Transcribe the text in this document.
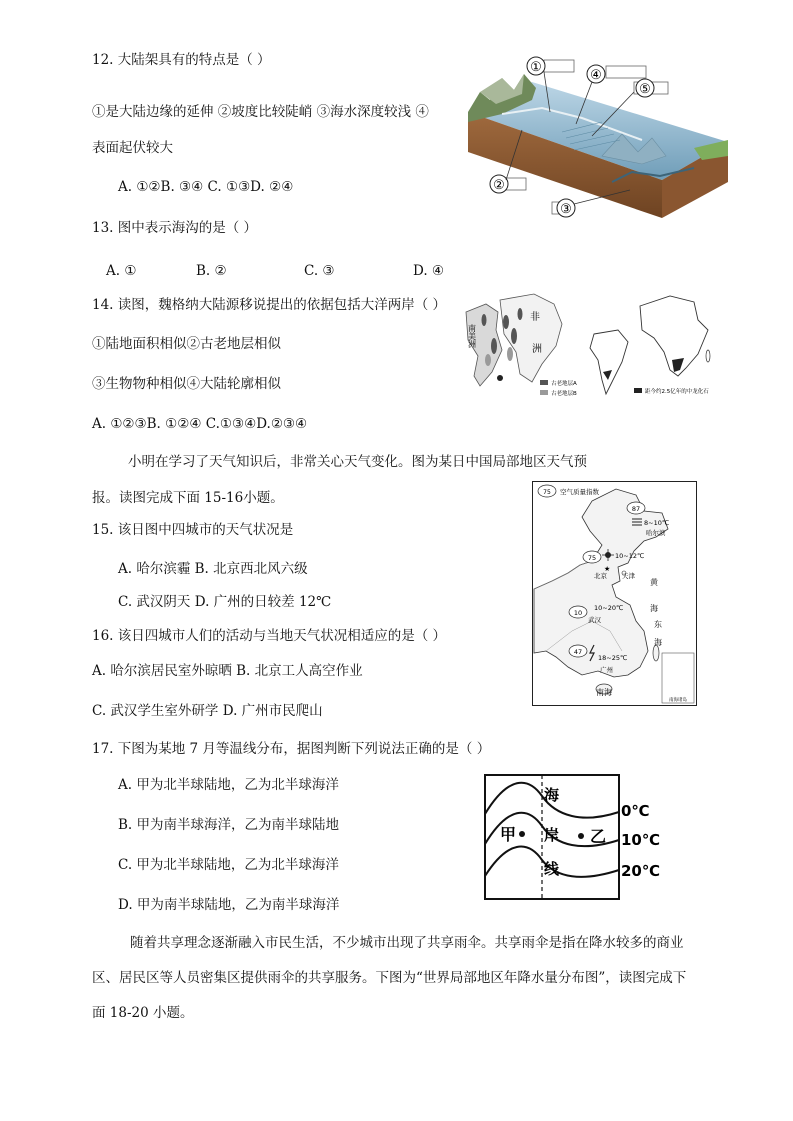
12. 大陆架具有的特点是（ ）
①是大陆边缘的延伸 ②坡度比较陡峭 ③海水深度较浅 ④
表面起伏较大
A. ①②B. ③④ C. ①③D. ②④
①
②
③
④
⑤
13. 图中表示海沟的是（ ）
A. ①	B. ②	C. ③	D. ④
14. 读图，魏格纳大陆源移说提出的依据包括大洋两岸（ ）
①陆地面积相似②古老地层相似
③生物物种相似④大陆轮廓相似
A. ①②③B. ①②④ C.①③④D.②③④
南美洲
非
洲
古老地层A
古老地层B	距今约2.5亿年的中龙化石
小明在学习了天气知识后，非常关心天气变化。图为某日中国局部地区天气预
报。读图完成下面 15-16小题。
15. 该日图中四城市的天气状况是
A. 哈尔滨霾 B. 北京西北风六级
C. 武汉阴天 D. 广州的日较差 12℃
16. 该日四城市人们的活动与当地天气状况相适应的是（ ）
A. 哈尔滨居民室外晾晒 B. 北京工人高空作业
C. 武汉学生室外研学 D. 广州市民爬山
75 空气质量指数
南海诸岛
87
8~10℃
哈尔滨
75	10~12℃
★
北京 天津
10
10~20℃
武汉
47
18~25℃
广州
黄
海
东
海
南海
17. 下图为某地 7 月等温线分布，据图判断下列说法正确的是（ ）
A. 甲为北半球陆地，乙为北半球海洋
B. 甲为南半球海洋，乙为南半球陆地
C. 甲为北半球陆地，乙为北半球海洋
D. 甲为南半球陆地，乙为南半球海洋
海
岸
线
甲	乙
0℃
10℃
20℃
随着共享理念逐渐融入市民生活，不少城市出现了共享雨伞。共享雨伞是指在降水较多的商业
区、居民区等人员密集区提供雨伞的共享服务。下图为“世界局部地区年降水量分布图”，读图完成下
面 18-20 小题。
